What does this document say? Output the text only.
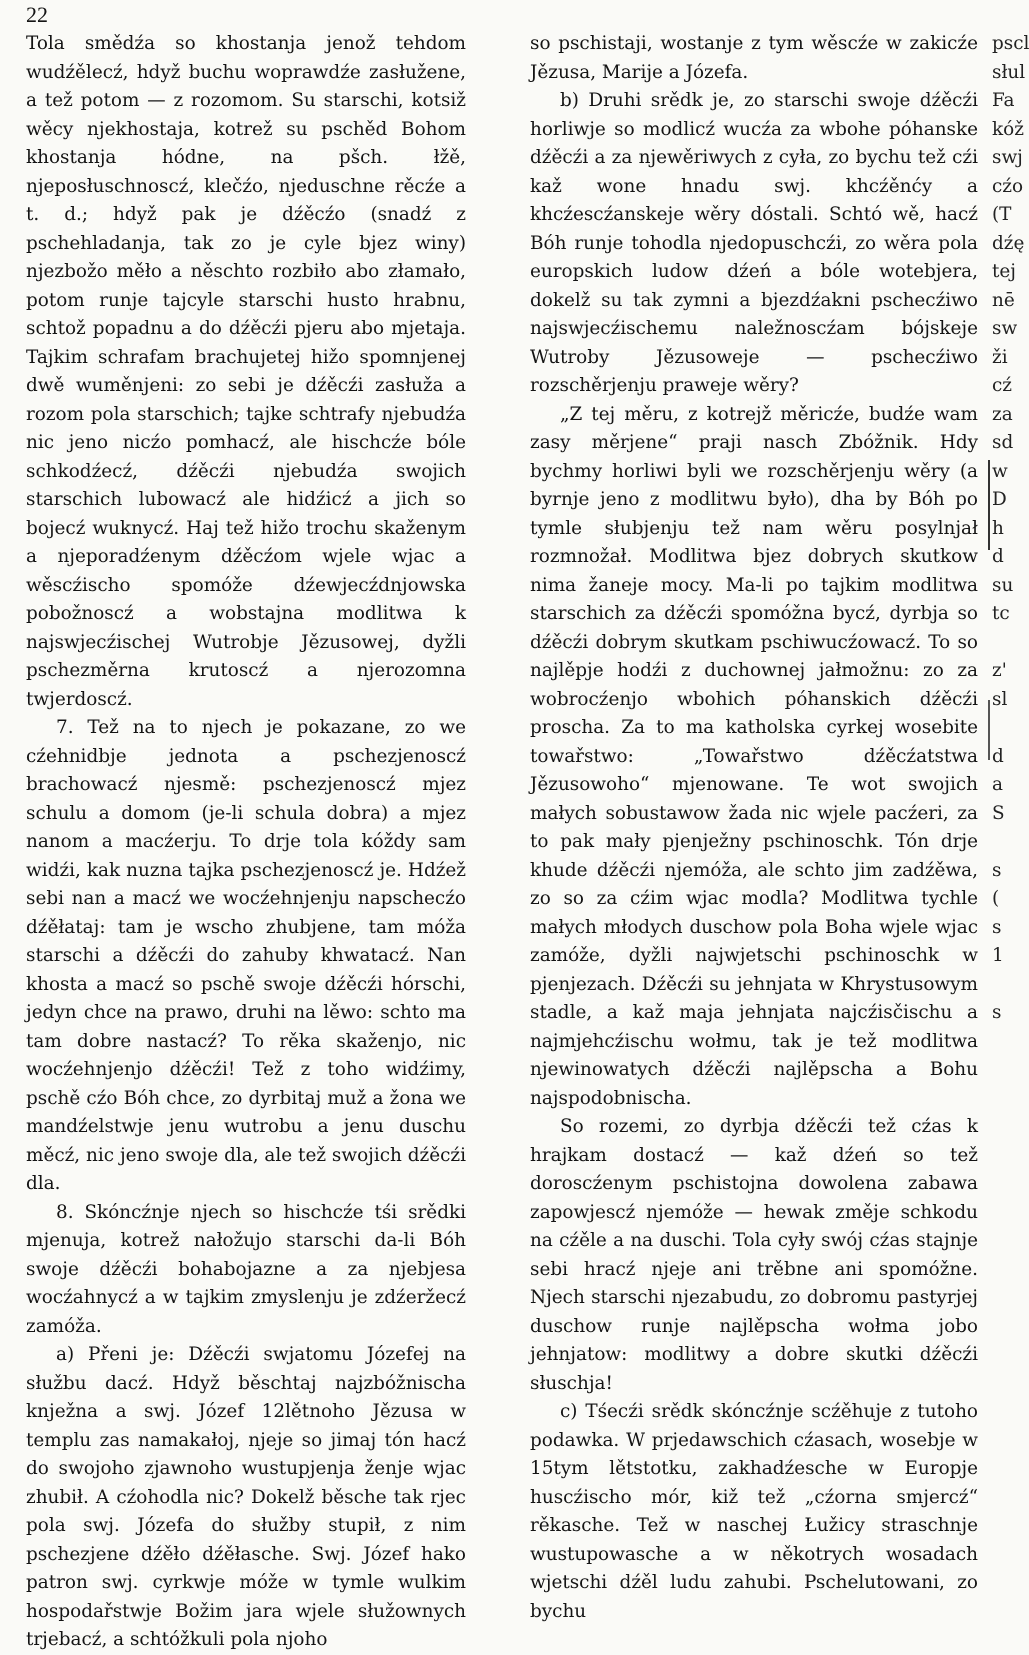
22

Tola smědźa so khostanja jenož tehdom wudźělecź, hdyž buchu woprawdźe zasłužene, a tež potom — z rozomom. Su starschi, kotsiž wěcy njekhostaja, kotrež su pschěd Bohom khostanja hódne, na pšch. łžě, njeposłuschnoscź, klečźo, njeduschne rěcźe a t. d.; hdyž pak je dźěcźo (snadź z pschehladanja, tak zo je cyle bjez winy) njezbožo měło a něschto rozbiło abo złamało, potom runje tajcyle starschi husto hrabnu, schtož popadnu a do dźěcźi pjeru abo mjetaja. Tajkim schrafam brachujetej hižo spomnjenej dwě wuměnjeni: zo sebi je dźěcźi zasłuža a rozom pola starschich; tajke schtrafy njebudźa nic jeno nicźo pomhacź, ale hischcźe bóle schkodźecź, dźěcźi njebudźa swojich starschich lubowacź ale hidźicź a jich so bojecź wuknycź. Haj tež hižo trochu skaženym a njeporadźenym dźěcźom wjele wjac a wěscźischo spomóže dźewjecźdnjowska pobožnoscź a wobstajna modlitwa k najswjecźischej Wutrobje Jězusowej, dyžli pschezměrna krutoscź a njerozomna twjerdoscź.

7. Tež na to njech je pokazane, zo we cźehnidbje jednota a pschezjenoscź brachowacź njesmě: pschezjenoscź mjez schulu a domom (je-li schula dobra) a mjez nanom a macźerju. To drje tola kóždy sam widźi, kak nuzna tajka pschezjenoscź je. Hdźež sebi nan a macź we wocźehnjenju napschecźo dźěłataj: tam je wscho zhubjene, tam móža starschi a dźěcźi do zahuby khwatacź. Nan khosta a macź so pschě swoje dźěcźi hórschi, jedyn chce na prawo, druhi na lěwo: schto ma tam dobre nastacź? To rěka skaženjo, nic wocźehnjenjo dźěcźi! Tež z toho widźimy, pschě cźo Bóh chce, zo dyrbitaj muž a žona we mandźelstwje jenu wutrobu a jenu duschu měcź, nic jeno swoje dla, ale tež swojich dźěcźi dla.

8. Skóncźnje njech so hischcźe tśi srědki mjenuja, kotrež nałožujo starschi da-li Bóh swoje dźěcźi bohabojazne a za njebjesa wocźahnycź a w tajkim zmyslenju je zdźeržecź zamóža.

a) Přeni je: Dźěcźi swjatomu Józefej na słužbu dacź. Hdyž běschtaj najzbóžnischa knježna a swj. Józef 12lětnoho Jězusa w templu zas namakałoj, njeje so jimaj tón hacź do swojoho zjawnoho wustupjenja ženje wjac zhubił. A cźohodla nic? Dokelž běsche tak rjec pola swj. Józefa do słužby stupił, z nim pschezjene dźěło dźěłasche. Swj. Józef hako patron swj. cyrkwje móže w tymle wulkim hospodařstwje Božim jara wjele słužownych trjebacź, a schtóžkuli pola njoho

so pschistaji, wostanje z tym wěscźe w zakicźe Jězusa, Marije a Józefa.

b) Druhi srědk je, zo starschi swoje dźěcźi horliwje so modlicź wucźa za wbohe póhanske dźěcźi a za njewěriwych z cyła, zo bychu tež cźi kaž wone hnadu swj. khcźěnćy a khcźescźanskeje wěry dóstali. Schtó wě, hacź Bóh runje tohodla njedopuschcźi, zo wěra pola europskich ludow dźeń a bóle wotebjera, dokelž su tak zymni a bjezdźakni pschecźiwo najswjecźischemu naležnoscźam bójskeje Wutroby Jězusoweje — pschecźiwo rozschěrjenju praweje wěry?

„Z tej měru, z kotrejž měricźe, budźe wam zasy měrjene“ praji nasch Zbóžnik. Hdy bychmy horliwi byli we rozschěrjenju wěry (a byrnje jeno z modlitwu było), dha by Bóh po tymle słubjenju tež nam wěru posylnjał rozmnožał. Modlitwa bjez dobrych skutkow nima žaneje mocy. Ma-li po tajkim modlitwa starschich za dźěcźi spomóžna bycź, dyrbja so dźěcźi dobrym skutkam pschiwucźowacź. To so najlěpje hodźi z duchownej jałmožnu: zo za wobrocźenjo wbohich póhanskich dźěcźi proscha. Za to ma katholska cyrkej wosebite towařstwo: „Towařstwo dźěcźatstwa Jězusowoho“ mjenowane. Te wot swojich małych sobustawow žada nic wjele pacźeri, za to pak mały pjenježny pschinoschk. Tón drje khude dźěcźi njemóža, ale schto jim zadźěwa, zo so za cźim wjac modla? Modlitwa tychle małych młodych duschow pola Boha wjele wjac zamóže, dyžli najwjetschi pschinoschk w pjenjezach. Dźěcźi su jehnjata w Khrystusowym stadle, a kaž maja jehnjata najcźisčischu a najmjehcźischu wołmu, tak je tež modlitwa njewinowatych dźěcźi najlěpscha a Bohu najspodobnischa.

So rozemi, zo dyrbja dźěcźi tež cźas k hrajkam dostacź — kaž dźeń so tež doroscźenym pschistojna dowolena zabawa zapowjescź njemóže — hewak změje schkodu na cźěle a na duschi. Tola cyły swój cźas stajnje sebi hracź njeje ani trěbne ani spomóžne. Njech starschi njezabudu, zo dobromu pastyrjej duschow runje najlěpscha wołma jobo jehnjatow: modlitwy a dobre skutki dźěcźi słuschja!

c) Tśecźi srědk skóncźnje scźěhuje z tutoho podawka. W prjedawschich cźasach, wosebje w 15tym lětstotku, zakhadźesche w Europje huscźischo mór, kiž tež „cźorna smjercź“ rěkasche. Tež w naschej Łužicy straschnje wustupowasche a w někotrych wosadach wjetschi dźěl ludu zahubi. Pschelutowani, zo bychu

pscl
słul
Fa
kóž
swj
cźo
(T
dźę
tej
nē
sw
ži
cź
za
sd
w
D
h
d
su
tc
z'
sl
d
a
S
s
(
s
1
s
